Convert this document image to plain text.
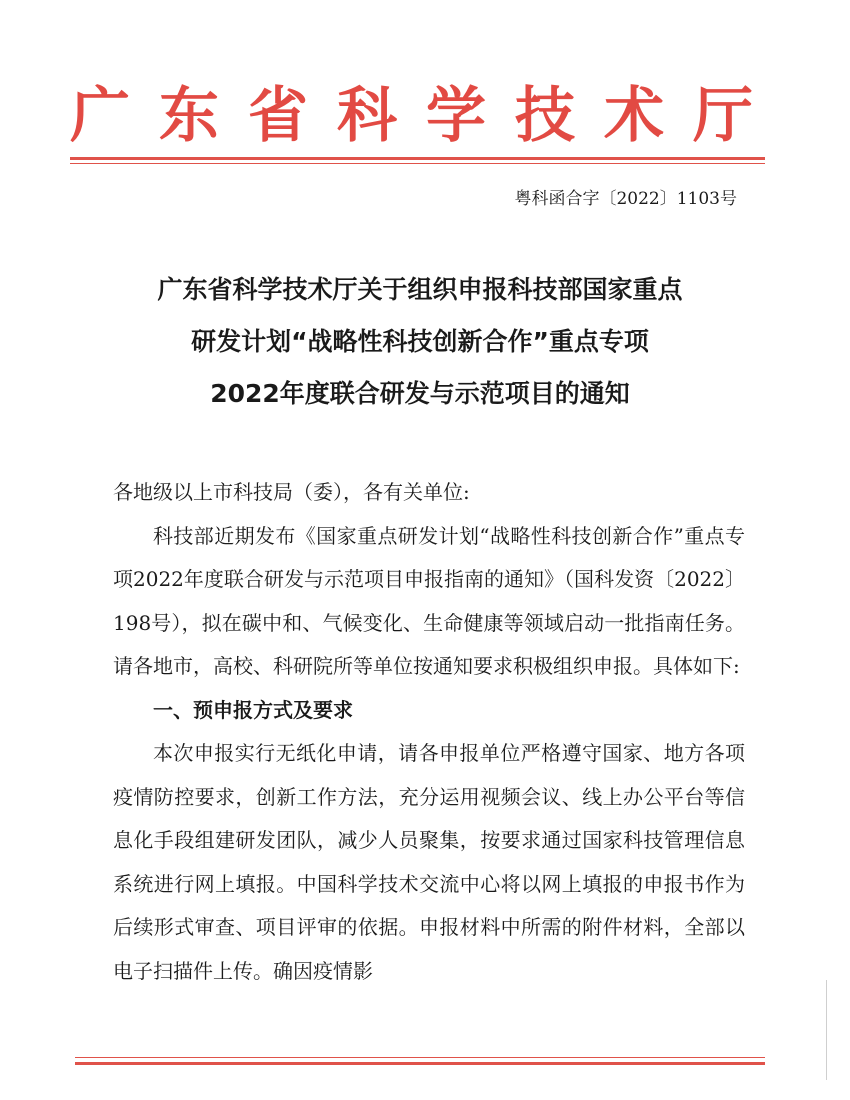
广东省科学技术厅
粤科函合字〔2022〕1103号
广东省科学技术厅关于组织申报科技部国家重点
研发计划“战略性科技创新合作”重点专项
2022年度联合研发与示范项目的通知

各地级以上市科技局（委），各有关单位:

科技部近期发布《国家重点研发计划“战略性科技创新合作”重点专项2022年度联合研发与示范项目申报指南的通知》（国科发资〔2022〕198号），拟在碳中和、气候变化、生命健康等领域启动一批指南任务。请各地市，高校、科研院所等单位按通知要求积极组织申报。具体如下:

一、预申报方式及要求

本次申报实行无纸化申请，请各申报单位严格遵守国家、地方各项疫情防控要求，创新工作方法，充分运用视频会议、线上办公平台等信息化手段组建研发团队，减少人员聚集，按要求通过国家科技管理信息系统进行网上填报。中国科学技术交流中心将以网上填报的申报书作为后续形式审查、项目评审的依据。申报材料中所需的附件材料，全部以电子扫描件上传。确因疫情影
